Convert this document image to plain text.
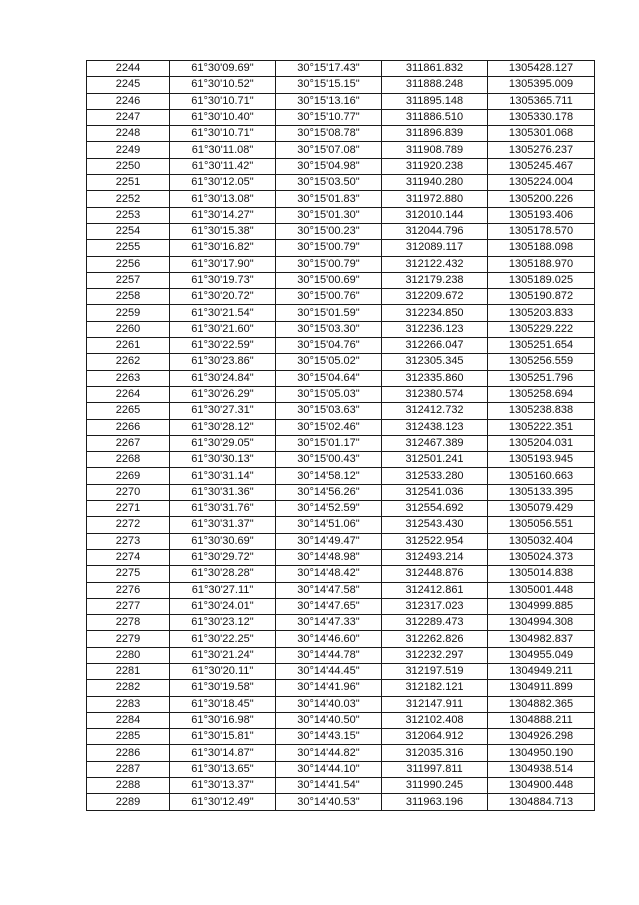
2244	61°30'09.69"	30°15'17.43"	311861.832	1305428.127
2245	61°30'10.52"	30°15'15.15"	311888.248	1305395.009
2246	61°30'10.71"	30°15'13.16"	311895.148	1305365.711
2247	61°30'10.40"	30°15'10.77"	311886.510	1305330.178
2248	61°30'10.71"	30°15'08.78"	311896.839	1305301.068
2249	61°30'11.08"	30°15'07.08"	311908.789	1305276.237
2250	61°30'11.42"	30°15'04.98"	311920.238	1305245.467
2251	61°30'12.05"	30°15'03.50"	311940.280	1305224.004
2252	61°30'13.08"	30°15'01.83"	311972.880	1305200.226
2253	61°30'14.27"	30°15'01.30"	312010.144	1305193.406
2254	61°30'15.38"	30°15'00.23"	312044.796	1305178.570
2255	61°30'16.82"	30°15'00.79"	312089.117	1305188.098
2256	61°30'17.90"	30°15'00.79"	312122.432	1305188.970
2257	61°30'19.73"	30°15'00.69"	312179.238	1305189.025
2258	61°30'20.72"	30°15'00.76"	312209.672	1305190.872
2259	61°30'21.54"	30°15'01.59"	312234.850	1305203.833
2260	61°30'21.60"	30°15'03.30"	312236.123	1305229.222
2261	61°30'22.59"	30°15'04.76"	312266.047	1305251.654
2262	61°30'23.86"	30°15'05.02"	312305.345	1305256.559
2263	61°30'24.84"	30°15'04.64"	312335.860	1305251.796
2264	61°30'26.29"	30°15'05.03"	312380.574	1305258.694
2265	61°30'27.31"	30°15'03.63"	312412.732	1305238.838
2266	61°30'28.12"	30°15'02.46"	312438.123	1305222.351
2267	61°30'29.05"	30°15'01.17"	312467.389	1305204.031
2268	61°30'30.13"	30°15'00.43"	312501.241	1305193.945
2269	61°30'31.14"	30°14'58.12"	312533.280	1305160.663
2270	61°30'31.36"	30°14'56.26"	312541.036	1305133.395
2271	61°30'31.76"	30°14'52.59"	312554.692	1305079.429
2272	61°30'31.37"	30°14'51.06"	312543.430	1305056.551
2273	61°30'30.69"	30°14'49.47"	312522.954	1305032.404
2274	61°30'29.72"	30°14'48.98"	312493.214	1305024.373
2275	61°30'28.28"	30°14'48.42"	312448.876	1305014.838
2276	61°30'27.11"	30°14'47.58"	312412.861	1305001.448
2277	61°30'24.01"	30°14'47.65"	312317.023	1304999.885
2278	61°30'23.12"	30°14'47.33"	312289.473	1304994.308
2279	61°30'22.25"	30°14'46.60"	312262.826	1304982.837
2280	61°30'21.24"	30°14'44.78"	312232.297	1304955.049
2281	61°30'20.11"	30°14'44.45"	312197.519	1304949.211
2282	61°30'19.58"	30°14'41.96"	312182.121	1304911.899
2283	61°30'18.45"	30°14'40.03"	312147.911	1304882.365
2284	61°30'16.98"	30°14'40.50"	312102.408	1304888.211
2285	61°30'15.81"	30°14'43.15"	312064.912	1304926.298
2286	61°30'14.87"	30°14'44.82"	312035.316	1304950.190
2287	61°30'13.65"	30°14'44.10"	311997.811	1304938.514
2288	61°30'13.37"	30°14'41.54"	311990.245	1304900.448
2289	61°30'12.49"	30°14'40.53"	311963.196	1304884.713
